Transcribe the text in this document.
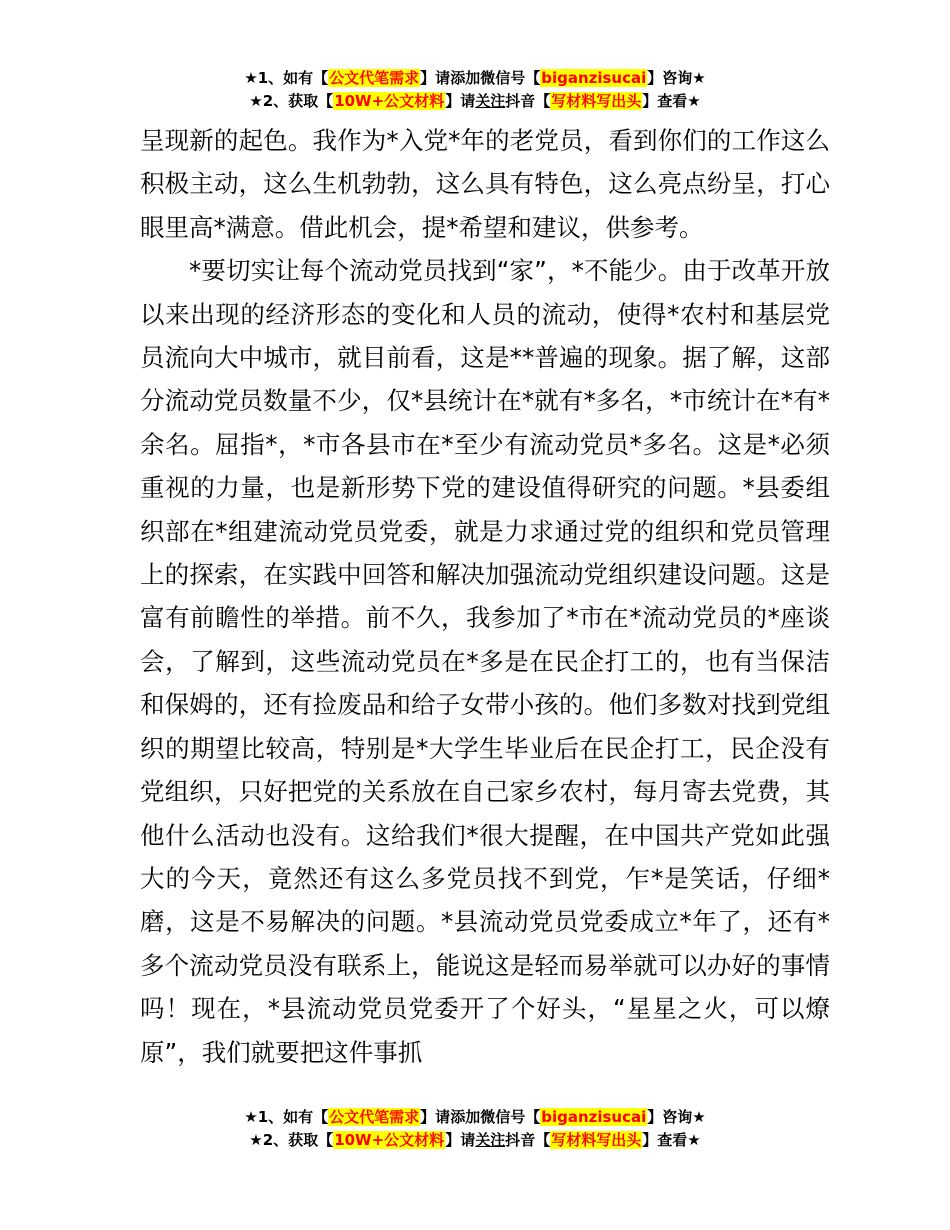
★1、如有【公文代笔需求】请添加微信号【biganzisucai】咨询★
★2、获取【10W+公文材料】请关注抖音【写材料写出头】查看★

呈现新的起色。我作为*入党*年的老党员，看到你们的工作这么积极主动，这么生机勃勃，这么具有特色，这么亮点纷呈，打心眼里高*满意。借此机会，提*希望和建议，供参考。

*要切实让每个流动党员找到“家”，*不能少。由于改革开放以来出现的经济形态的变化和人员的流动，使得*农村和基层党员流向大中城市，就目前看，这是**普遍的现象。据了解，这部分流动党员数量不少，仅*县统计在*就有*多名，*市统计在*有*余名。屈指*，*市各县市在*至少有流动党员*多名。这是*必须重视的力量，也是新形势下党的建设值得研究的问题。*县委组织部在*组建流动党员党委，就是力求通过党的组织和党员管理上的探索，在实践中回答和解决加强流动党组织建设问题。这是富有前瞻性的举措。前不久，我参加了*市在*流动党员的*座谈会，了解到，这些流动党员在*多是在民企打工的，也有当保洁和保姆的，还有捡废品和给子女带小孩的。他们多数对找到党组织的期望比较高，特别是*大学生毕业后在民企打工，民企没有党组织，只好把党的关系放在自己家乡农村，每月寄去党费，其他什么活动也没有。这给我们*很大提醒，在中国共产党如此强大的今天，竟然还有这么多党员找不到党，乍*是笑话，仔细*磨，这是不易解决的问题。*县流动党员党委成立*年了，还有*多个流动党员没有联系上，能说这是轻而易举就可以办好的事情吗！现在，*县流动党员党委开了个好头，“星星之火，可以燎原”，我们就要把这件事抓

★1、如有【公文代笔需求】请添加微信号【biganzisucai】咨询★
★2、获取【10W+公文材料】请关注抖音【写材料写出头】查看★
